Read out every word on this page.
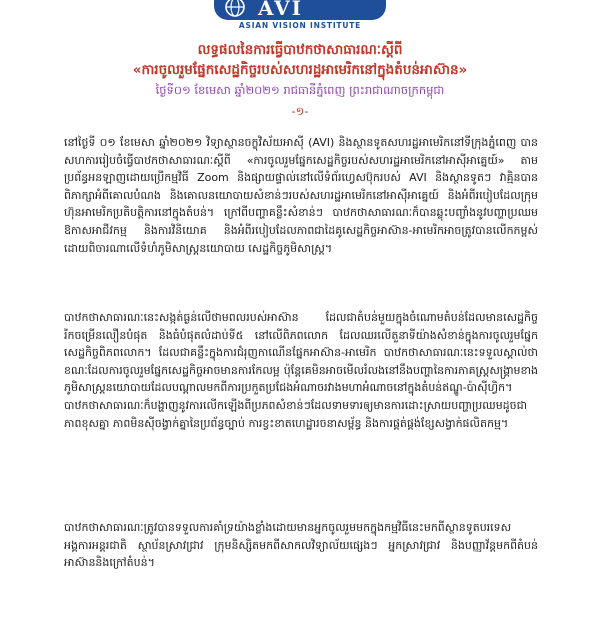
AVI
ASIAN VISION INSTITUTE
លទ្ធផលនៃការធ្វើបាឋកថាសាធារណៈស្តីពី
«ការចូលរួមផ្នែកសេដ្ឋកិច្ចរបស់សហរដ្ឋអាមេរិកនៅក្នុងតំបន់អាស៊ាន»
ថ្ងៃទី០១ ខែមេសា ឆ្នាំ២០២១ រាជធានីភ្នំពេញ ព្រះរាជាណាចក្រកម្ពុជា
-១-

នៅថ្ងៃទី ០១ ខែមេសា ឆ្នាំ២០២១ វិទ្យាស្ថានចក្ខុវិស័យអាស៊ី (AVI) និងស្ថានទូតសហរដ្ឋអាមេរិកនៅទីក្រុងភ្នំពេញ បានសហការរៀបចំធ្វើបាឋកថាសាធារណៈស្តីពី «ការចូលរួមផ្នែកសេដ្ឋកិច្ចរបស់សហរដ្ឋអាមេរិកនៅអាស៊ីអាគ្នេយ៍» តាមប្រព័ន្ធអនឡាញដោយប្រើកម្មវិធី Zoom និងផ្សាយផ្ទាល់នៅលើទំព័រហ្វេសប៊ុករបស់ AVI និងស្ថានទូតៗ វាគ្មិនបានពិភាក្សាអំពីគោលបំណង និងគោលនយោបាយសំខាន់ៗរបស់សហរដ្ឋអាមេរិកនៅអាស៊ីអាគ្នេយ៍ និងអំពីរបៀបដែលក្រុមហ៊ុនអាមេរិកប្រតិបត្តិការនៅក្នុងតំបន់។ ក្រៅពីបញ្ហាគន្លឹះសំខាន់ៗ បាឋកថាសាធារណៈក៏បានឆ្លុះបញ្ចាំងនូវបញ្ហាប្រឈម ឱកាសអាជីវកម្ម និងការវិនិយោគ និងអំពីរបៀបដែលភាពជាដៃគូសេដ្ឋកិច្ចអាស៊ាន-អាមេរិកអាចត្រូវបានលើកកម្ពស់ ដោយពិចារណាលើទំហំភូមិសាស្ត្រនយោបាយ សេដ្ឋកិច្ចភូមិសាស្ត្រ។

បាឋកថាសាធារណៈនេះសង្កត់ធ្ងន់លើថាមពលរបស់អាស៊ាន ដែលជាតំបន់មួយក្នុងចំណោមតំបន់ដែលមានសេដ្ឋកិច្ចរីកចម្រើនលឿនបំផុត និងធំបំផុតលំដាប់ទី៥ នៅលើពិភពលោក ដែលឈរលើតួនាទីយ៉ាងសំខាន់ក្នុងការចូលរួមផ្នែកសេដ្ឋកិច្ចពិភពលោក។ ដែលជាគន្លឹះក្នុងការជំរុញកាណើនផ្នែកអាស៊ាន-អាមេរិក បាឋកថាសាធារណៈនេះទទួលស្គាល់ថា ខណៈដែលការចូលរួមផ្នែកសេដ្ឋកិច្ចអាចមានការកែលម្អ ប៉ុន្តែគេមិនអាចមើលរំលងនៅនឹងបញ្ហានៃការភាគស្ត្រសង្គ្រាមខាងភូមិសាស្ត្រនយោបាយដែលបណ្តាលមកពីការប្រកួតប្រជែងអំណាចរវាងមហាអំណាចនៅក្នុងតំបន់ឥណ្ឌូ-ប៉ាស៊ីហ្វិក។ បាឋកថាសាធារណៈក៏បង្ហាញនូវការលើកឡើងពីប្រភពសំខាន់ៗដែលទាមទារឲ្យមានការដោះស្រាយបញ្ហាប្រឈមដូចជា ភាពខុសគ្នា ភាពមិនស៊ីចង្វាក់គ្នានៃប្រព័ន្ធច្បាប់ ការខ្វះខាតហេដ្ឋារចនាសម្ព័ន្ធ និងការផ្គត់ផ្គង់ខ្សែសង្វាក់ផលិតកម្ម។

បាឋកថាសាធារណៈត្រូវបានទទួលការគាំទ្រយ៉ាងខ្លាំងដោយមានអ្នកចូលរួមមកក្នុងកម្មវិធីនេះមកពីស្ថានទូតបរទេស អង្គការអន្តរជាតិ ស្ថាប័នស្រាវជ្រាវ ក្រុមនិស្សិតមកពីសាកលវិទ្យាល័យផ្សេងៗ អ្នកស្រាវជ្រាវ និងបញ្ញាវ័ន្តមកពីតំបន់អាស៊ាននិងក្រៅតំបន់។
